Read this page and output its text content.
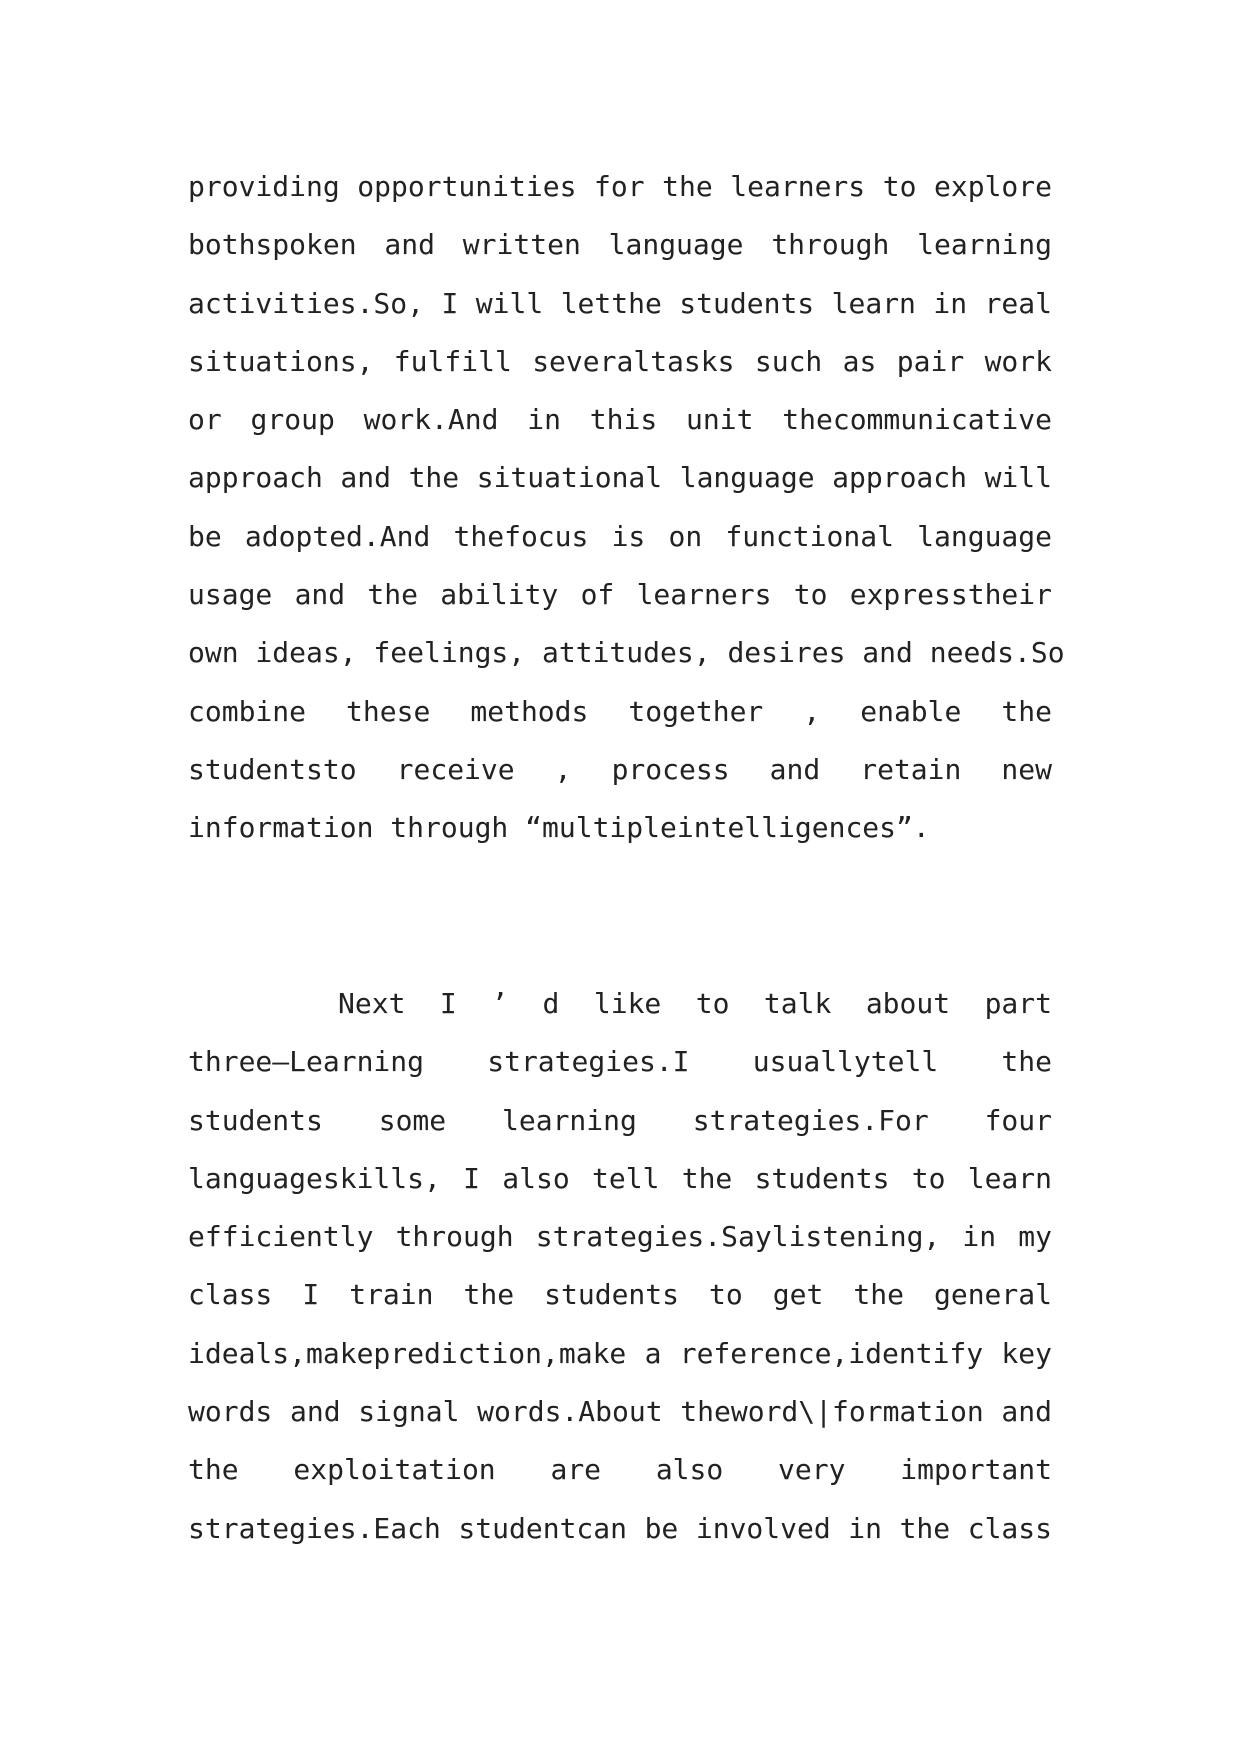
providing opportunities for the learners to explore
bothspoken and written language through learning
activities.So, I will letthe students learn in real
situations, fulfill severaltasks such as pair work
or group work.And in this unit thecommunicative
approach and the situational language approach will
be adopted.And thefocus is on functional language
usage and the ability of learners to expresstheir
own ideas, feelings, attitudes, desires and needs.So
combine these methods together , enable the
studentsto receive , process and retain new
information through “multipleintelligences”.
Next I ’ d like to talk about part
three—Learning strategies.I usuallytell the
students some learning strategies.For four
languageskills, I also tell the students to learn
efficiently through strategies.Saylistening, in my
class I train the students to get the general
ideals,makeprediction,make a reference,identify key
words and signal words.About theword\|formation and
the exploitation are also very important
strategies.Each studentcan be involved in the class
